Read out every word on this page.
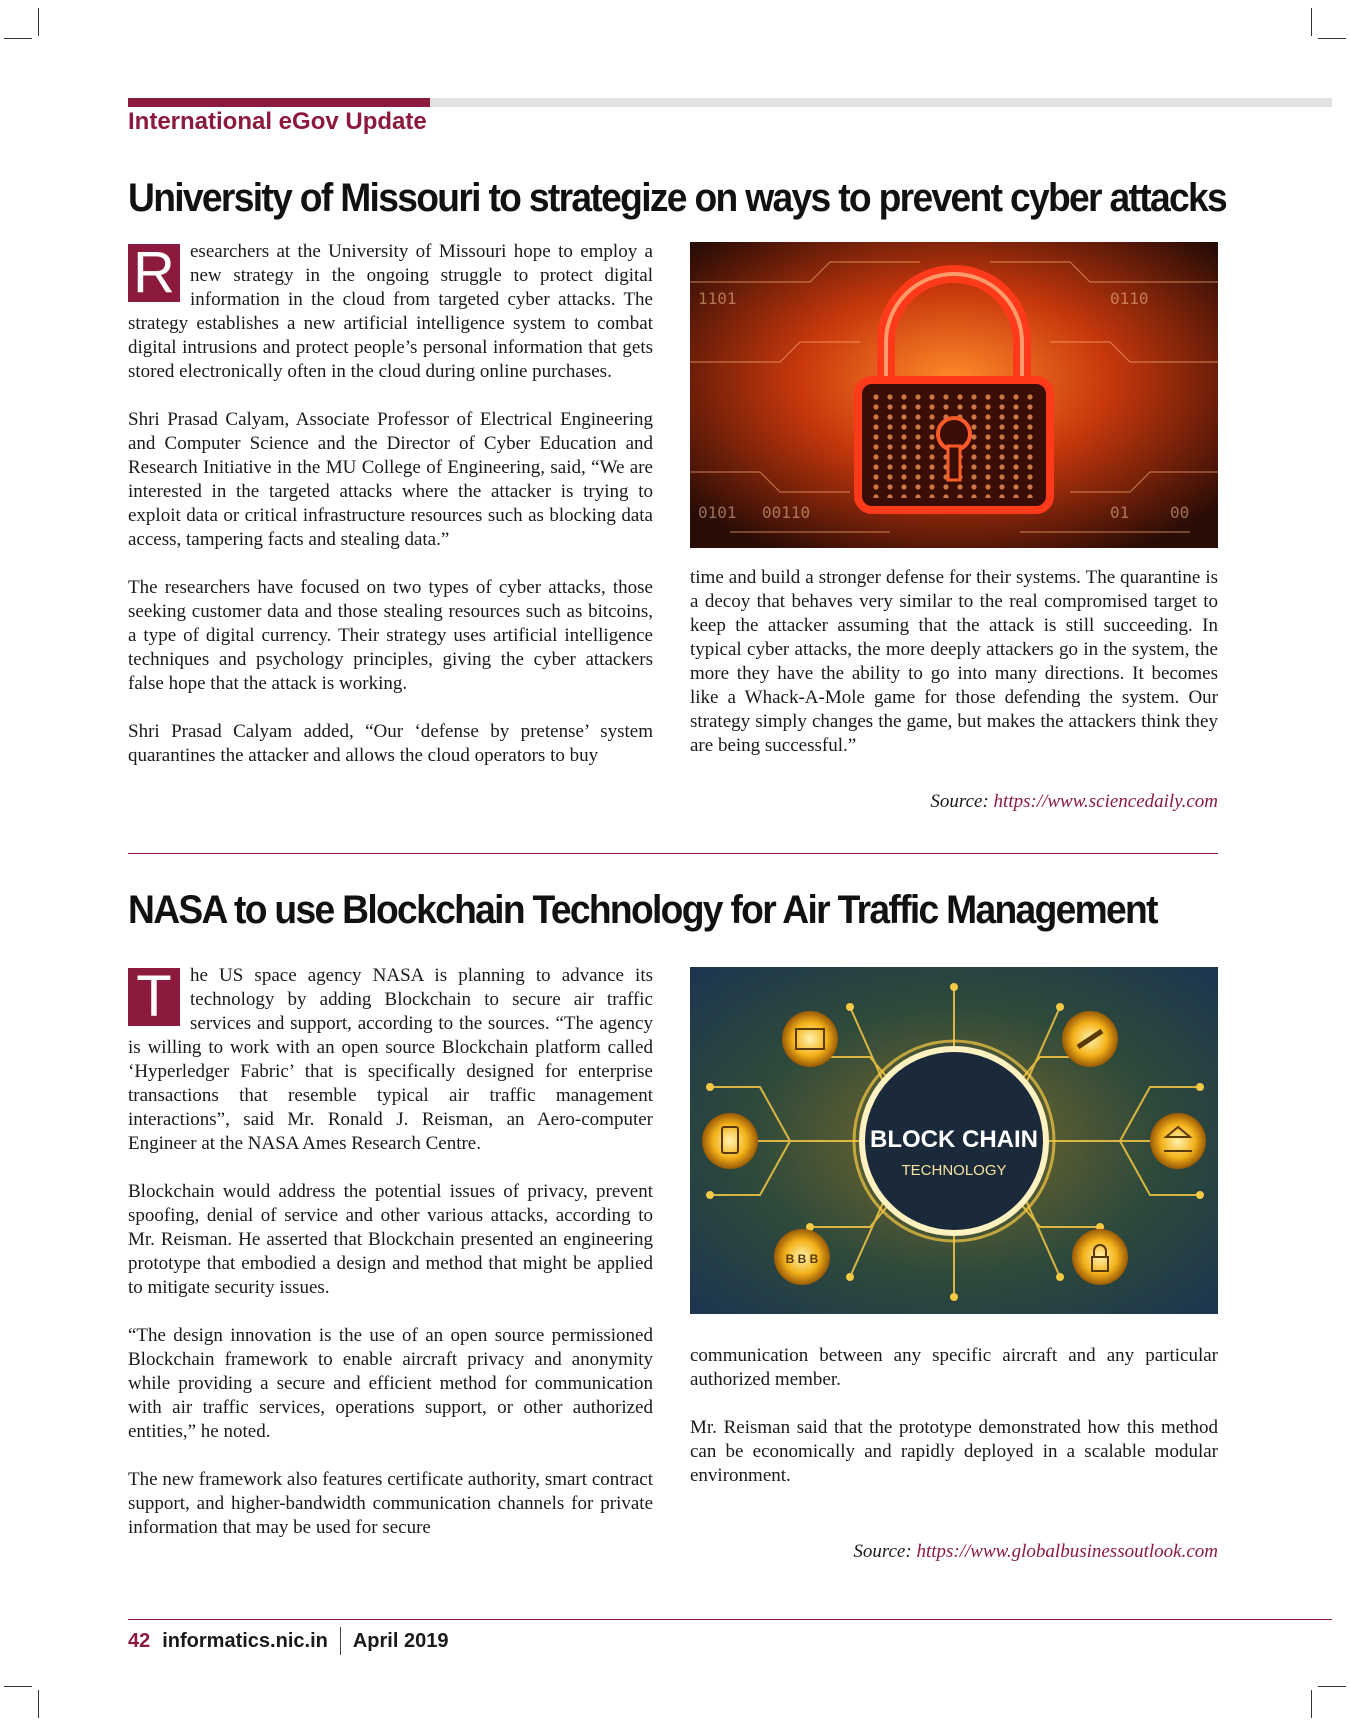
International eGov Update
University of Missouri to strategize on ways to prevent cyber attacks

R esearchers at the University of Missouri hope to employ a new strategy in the ongoing struggle to protect digital information in the cloud from targeted cyber attacks. The strategy establishes a new artificial intelligence system to combat digital intrusions and protect people’s personal information that gets stored electronically often in the cloud during online purchases.

Shri Prasad Calyam, Associate Professor of Electrical Engineering and Computer Science and the Director of Cyber Education and Research Initiative in the MU College of Engineering, said, “We are interested in the targeted attacks where the attacker is trying to exploit data or critical infrastructure resources such as blocking data access, tampering facts and stealing data.”

The researchers have focused on two types of cyber attacks, those seeking customer data and those stealing resources such as bitcoins, a type of digital currency. Their strategy uses artificial intelligence techniques and psychology principles, giving the cyber attackers false hope that the attack is working.

Shri Prasad Calyam added, “Our ‘defense by pretense’ system quarantines the attacker and allows the cloud operators to buy

0101 00110
1101	0110
01	00

time and build a stronger defense for their systems. The quarantine is a decoy that behaves very similar to the real compromised target to keep the attacker assuming that the attack is still succeeding. In typical cyber attacks, the more deeply attackers go in the system, the more they have the ability to go into many directions. It becomes like a Whack-A-Mole game for those defending the system. Our strategy simply changes the game, but makes the attackers think they are being successful.”

Source: https://www.sciencedaily.com
NASA to use Blockchain Technology for Air Traffic Management

T he US space agency NASA is planning to advance its technology by adding Blockchain to secure air traffic services and support, according to the sources. “The agency is willing to work with an open source Blockchain platform called ‘Hyperledger Fabric’ that is specifically designed for enterprise transactions that resemble typical air traffic management interactions”, said Mr. Ronald J. Reisman, an Aero-computer Engineer at the NASA Ames Research Centre.

Blockchain would address the potential issues of privacy, prevent spoofing, denial of service and other various attacks, according to Mr. Reisman. He asserted that Blockchain presented an engineering prototype that embodied a design and method that might be applied to mitigate security issues.

“The design innovation is the use of an open source permissioned Blockchain framework to enable aircraft privacy and anonymity while providing a secure and efficient method for communication with air traffic services, operations support, or other authorized entities,” he noted.

The new framework also features certificate authority, smart contract support, and higher-bandwidth communication channels for private information that may be used for secure

BLOCK CHAIN
TECHNOLOGY
B B B

communication between any specific aircraft and any particular authorized member.

Mr. Reisman said that the prototype demonstrated how this method can be economically and rapidly deployed in a scalable modular environment.

Source: https://www.globalbusinessoutlook.com
42 informatics.nic.in April 2019
